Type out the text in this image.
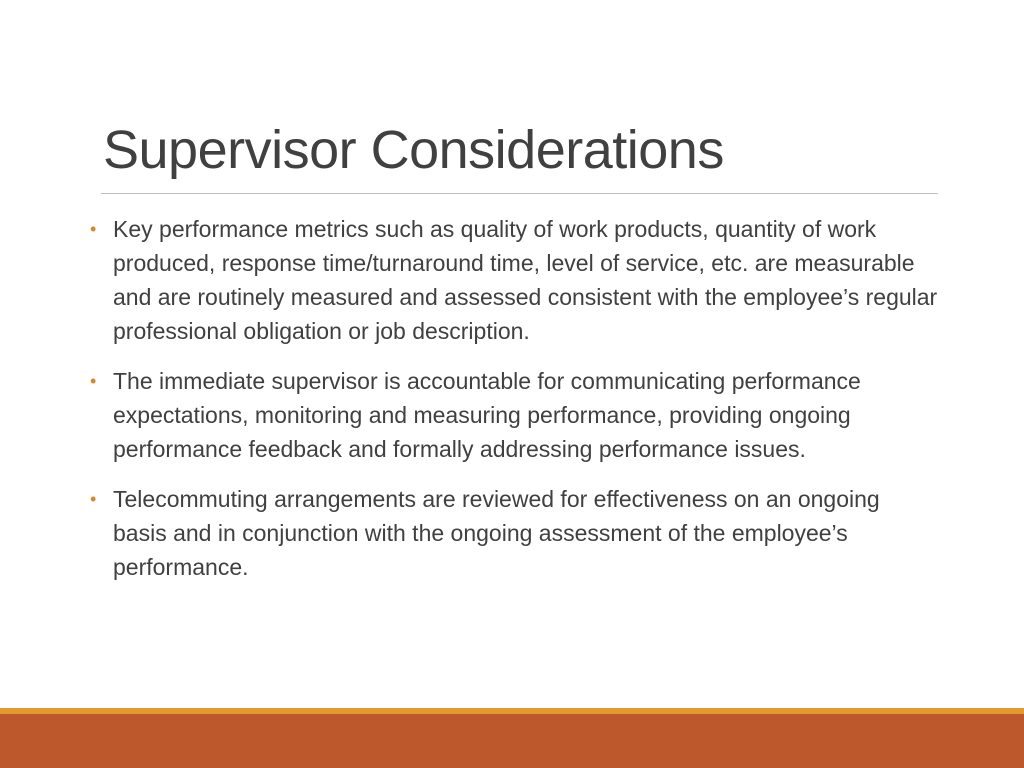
Supervisor Considerations
• Key performance metrics such as quality of work products, quantity of work produced, response time/turnaround time, level of service, etc. are measurable and are routinely measured and assessed consistent with the employee’s regular professional obligation or job description.
• The immediate supervisor is accountable for communicating performance expectations, monitoring and measuring performance, providing ongoing performance feedback and formally addressing performance issues.
• Telecommuting arrangements are reviewed for effectiveness on an ongoing basis and in conjunction with the ongoing assessment of the employee’s performance.
